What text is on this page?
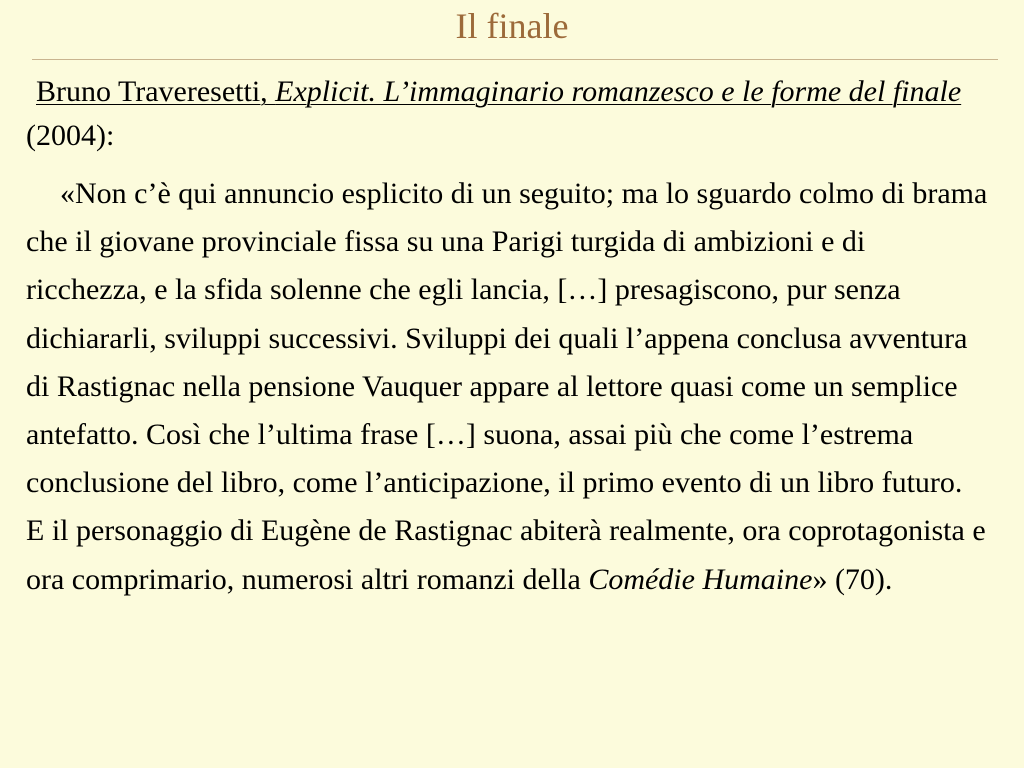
Il finale

Bruno Traveresetti, Explicit. L’immaginario romanzesco e le forme del finale (2004):

«Non c’è qui annuncio esplicito di un seguito; ma lo sguardo colmo di brama che il giovane provinciale fissa su una Parigi turgida di ambizioni e di ricchezza, e la sfida solenne che egli lancia, […] presagiscono, pur senza dichiararli, sviluppi successivi. Sviluppi dei quali l’appena conclusa avventura di Rastignac nella pensione Vauquer appare al lettore quasi come un semplice antefatto. Così che l’ultima frase […] suona, assai più che come l’estrema conclusione del libro, come l’anticipazione, il primo evento di un libro futuro. E il personaggio di Eugène de Rastignac abiterà realmente, ora coprotagonista e ora comprimario, numerosi altri romanzi della Comédie Humaine» (70).
